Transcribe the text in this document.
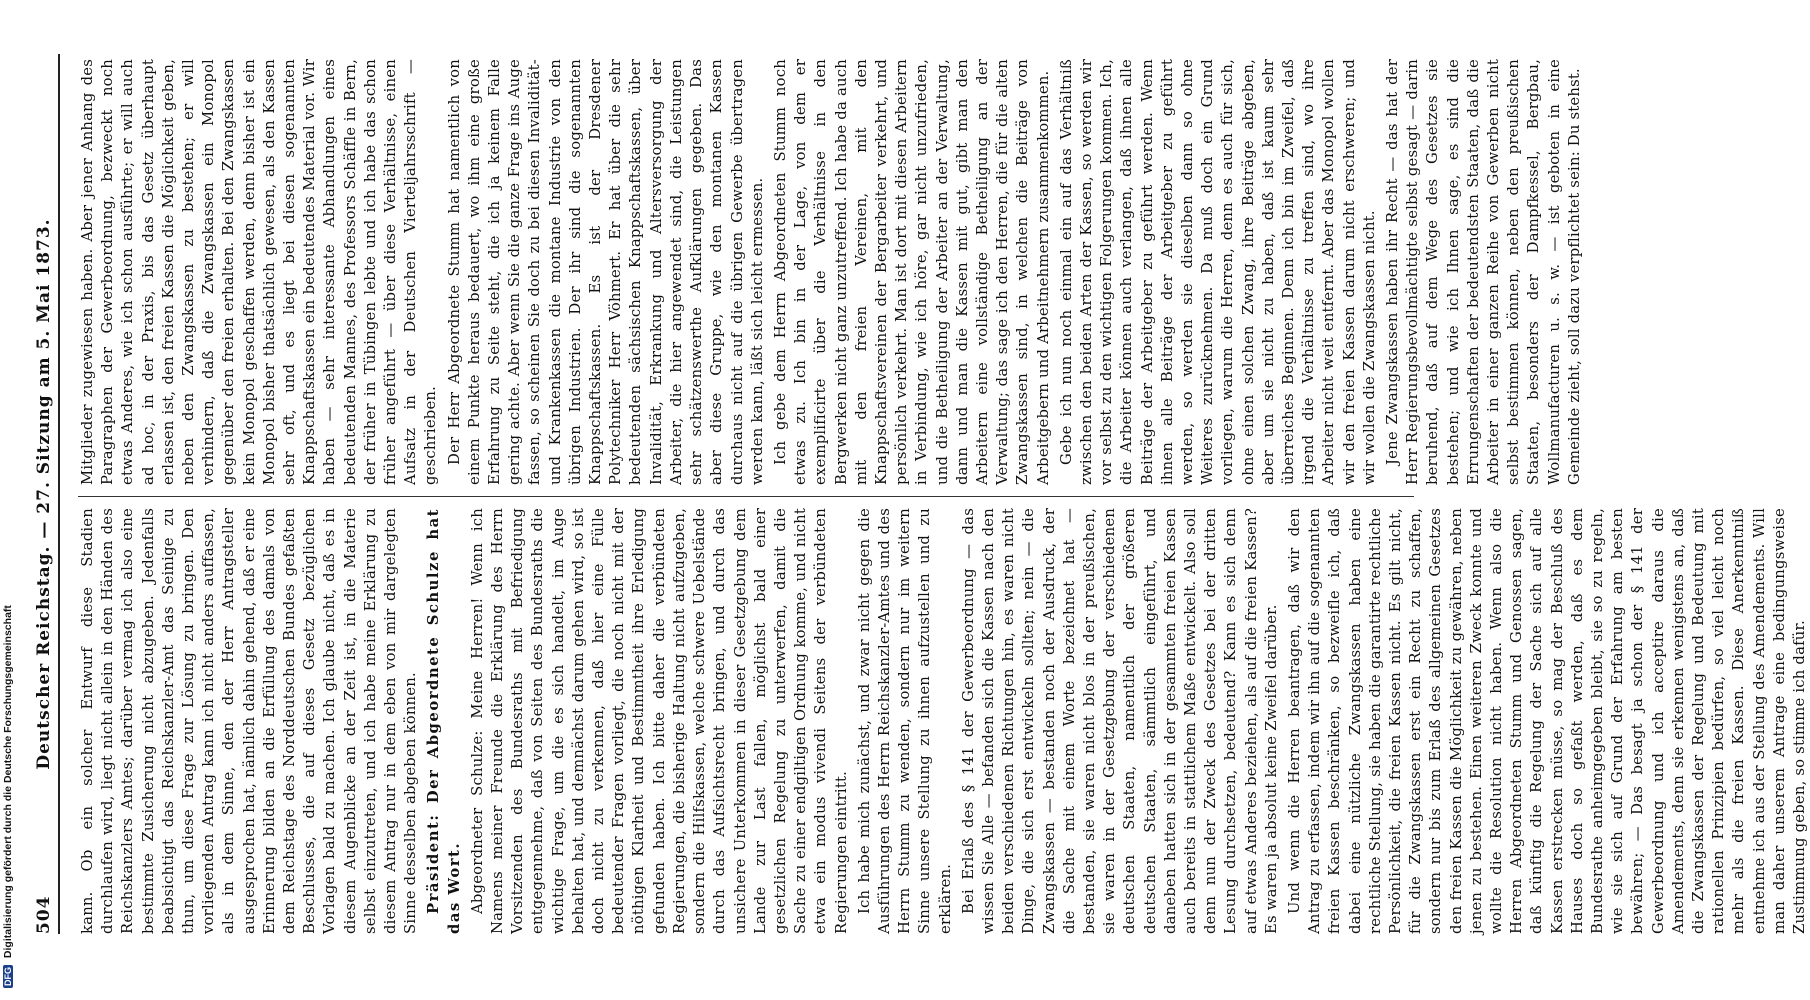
504
Deutscher Reichstag. — 27. Sitzung am 5. Mai 1873. kann. Ob ein solcher Entwurf diese Stadien durchlaufen wird, liegt nicht allein in den Händen des Reichskanzlers Amtes; darüber vermag ich also eine bestimmte Zusicherung nicht abzugeben. Jedenfalls beabsichtigt das Reichskanzler-Amt das Seinige zu thun, um diese Frage zur Lösung zu bringen. Den vorliegenden Antrag kann ich nicht anders auffassen, als in dem Sinne, den der Herr Antragsteller ausgesprochen hat, nämlich dahin gehend, daß er eine Erinnerung bilden an die Erfüllung des damals von dem Reichstage des Norddeutschen Bundes gefaßten Beschlusses, die auf dieses Gesetz bezüglichen Vorlagen bald zu machen. Ich glaube nicht, daß es in diesem Augenblicke an der Zeit ist, in die Materie selbst einzutreten, und ich habe meine Erklärung zu diesem Antrag nur in dem eben von mir dargelegten Sinne desselben abgeben können. Präsident: Der Abgeordnete Schulze hat das Wort. Abgeordneter Schulze: Meine Herren! Wenn ich Namens meiner Freunde die Erklärung des Herrn Vorsitzenden des Bundesraths mit Befriedigung entgegennehme, daß von Seiten des Bundesraths die wichtige Frage, um die es sich handelt, im Auge behalten hat, und demnächst darum gehen wird, so ist doch nicht zu verkennen, daß hier eine Fülle bedeutender Fragen vorliegt, die noch nicht mit der nöthigen Klarheit und Bestimmtheit ihre Erledigung gefunden haben. Ich bitte daher die verbündeten Regierungen, die bisherige Haltung nicht aufzugeben, sondern die Hilfskassen, welche schwere Uebelstände durch das Aufsichtsrecht bringen, und durch das unsichere Unterkommen in dieser Gesetzgebung dem Lande zur Last fallen, möglichst bald einer gesetzlichen Regelung zu unterwerfen, damit die Sache zu einer endgiltigen Ordnung komme, und nicht etwa ein modus vivendi Seitens der verbündeten Regierungen eintritt. Ich habe mich zunächst, und zwar nicht gegen die Ausführungen des Herrn Reichskanzler-Amtes und des Herrn Stumm zu wenden, sondern nur im weitern Sinne unsere Stellung zu ihnen aufzustellen und zu erklären. Bei Erlaß des § 141 der Gewerbeordnung — das wissen Sie Alle — befanden sich die Kassen nach den beiden verschiedenen Richtungen hin, es waren nicht Dinge, die sich erst entwickeln sollten; nein — die Zwangskassen — bestanden noch der Ausdruck, der die Sache mit einem Worte bezeichnet hat — bestanden, sie waren nicht blos in der preußischen, sie waren in der Gesetzgebung der verschiedenen deutschen Staaten, namentlich der größeren deutschen Staaten, sämmtlich eingeführt, und daneben hatten sich in der gesammten freien Kassen auch bereits in stattlichem Maße entwickelt. Also soll denn nun der Zweck des Gesetzes bei der dritten Lesung durchsetzen, bedeutend? Kann es sich denn auf etwas Anderes beziehen, als auf die freien Kassen? Es waren ja absolut keine Zweifel darüber. Und wenn die Herren beantragen, daß wir den Antrag zu erfassen, indem wir ihn auf die sogenannten freien Kassen beschränken, so bezweifle ich, daß dabei eine nützliche Zwangskassen haben eine rechtliche Stellung, sie haben die garantirte rechtliche Persönlichkeit, die freien Kassen nicht. Es gilt nicht, für die Zwangskassen erst ein Recht zu schaffen, sondern nur bis zum Erlaß des allgemeinen Gesetzes den freien Kassen die Möglichkeit zu gewähren, neben jenen zu bestehen. Einen weiteren Zweck konnte und wollte die Resolution nicht haben. Wenn also die Herren Abgeordneten Stumm und Genossen sagen, daß künftig die Regelung der Sache sich auf alle Kassen erstrecken müsse, so mag der Beschluß des Hauses doch so gefaßt werden, daß es dem Bundesrathe anheimgegeben bleibt, sie so zu regeln, wie sie sich auf Grund der Erfahrung am besten bewähren; — Das besagt ja schon der § 141 der Gewerbeordnung und ich acceptire daraus die Amendements, denn sie erkennen wenigstens an, daß die Zwangskassen der Regelung und Bedeutung mit rationellen Prinzipien bedürfen, so viel leicht noch mehr als die freien Kassen. Diese Anerkenntniß entnehme ich aus der Stellung des Amendements. Will man daher unserem Antrage eine bedingungsweise Zustimmung geben, so stimme ich dafür.

Mitglieder zugewiesen haben. Aber jener Anhang des Paragraphen der Gewerbeordnung, bezweckt noch etwas Anderes, wie ich schon ausführte; er will auch ad hoc, in der Praxis, bis das Gesetz überhaupt erlassen ist, den freien Kassen die Möglichkeit geben, neben den Zwangskassen zu bestehen; er will verhindern, daß die Zwangskassen ein Monopol gegenüber den freien erhalten. Bei den Zwangskassen kein Monopol geschaffen werden, denn bisher ist ein Monopol bisher thatsächlich gewesen, als den Kassen sehr oft, und es liegt bei diesen sogenannten Knappschaftskassen ein bedeutendes Material vor. Wir haben — sehr interessante Abhandlungen eines bedeutenden Mannes, des Professors Schäffle in Bern, der früher in Tübingen lebte und ich habe das schon früher angeführt — über diese Verhältnisse, einen Aufsatz in der Deutschen Vierteljahrsschrift — geschrieben. Der Herr Abgeordnete Stumm hat namentlich von einem Punkte heraus bedauert, wo ihm eine große Erfahrung zu Seite steht, die ich ja keinem Falle gering achte. Aber wenn Sie die ganze Frage ins Auge fassen, so scheinen Sie doch zu bei diesen Invalidität- und Krankenkassen die montane Industrie von den übrigen Industrien. Der ihr sind die sogenannten Knappschaftskassen. Es ist der Dresdener Polytechniker Herr Vöhmert. Er hat über die sehr bedeutenden sächsischen Knappschaftskassen, über Invalidität, Erkrankung und Altersversorgung der Arbeiter, die hier angewendet sind, die Leistungen sehr schätzenswerthe Aufklärungen gegeben. Das aber diese Gruppe, wie den montanen Kassen durchaus nicht auf die übrigen Gewerbe übertragen werden kann, läßt sich leicht ermessen. Ich gebe dem Herrn Abgeordneten Stumm noch etwas zu. Ich bin in der Lage, von dem er exemplificirte über die Verhältnisse in den Bergwerken nicht ganz unzutreffend. Ich habe da auch mit den freien Vereinen, mit den Knappschaftsvereinen der Bergarbeiter verkehrt, und persönlich verkehrt. Man ist dort mit diesen Arbeitern in Verbindung, wie ich höre, gar nicht unzufrieden, und die Betheiligung der Arbeiter an der Verwaltung, dann und man die Kassen mit gut, gibt man den Arbeitern eine vollständige Betheiligung an der Verwaltung; das sage ich den Herren, die für die alten Zwangskassen sind, in welchen die Beiträge von Arbeitgebern und Arbeitnehmern zusammenkommen. Gebe ich nun noch einmal ein auf das Verhältniß zwischen den beiden Arten der Kassen, so werden wir vor selbst zu den wichtigen Folgerungen kommen. Ich, die Arbeiter können auch verlangen, daß ihnen alle Beiträge der Arbeitgeber zu geführt werden. Wenn ihnen alle Beiträge der Arbeitgeber zu geführt werden, so werden sie dieselben dann so ohne Weiteres zurücknehmen. Da muß doch ein Grund vorliegen, warum die Herren, denn es auch für sich, ohne einen solchen Zwang, ihre Beiträge abgeben, aber um sie nicht zu haben, daß ist kaum sehr überreiches Beginnen. Denn ich bin im Zweifel, daß irgend die Verhältnisse zu treffen sind, wo ihre Arbeiter nicht weit entfernt. Aber das Monopol wollen wir den freien Kassen darum nicht erschweren; und wir wollen die Zwangskassen nicht. Jene Zwangskassen haben ihr Recht — das hat der Herr Regierungsbevollmächtigte selbst gesagt — darin beruhend, daß auf dem Wege des Gesetzes sie bestehen; und wie ich Ihnen sage, es sind die Errungenschaften der bedeutendsten Staaten, daß die Arbeiter in einer ganzen Reihe von Gewerben nicht selbst bestimmen können, neben den preußischen Staaten, besonders der Dampfkessel, Bergbau, Wollmanufacturen u. s. w. — ist geboten in eine Gemeinde zieht, soll dazu verpflichtet sein: Du stehst.

DFG Digitalisierung gefördert durch die Deutsche Forschungsgemeinschaft
